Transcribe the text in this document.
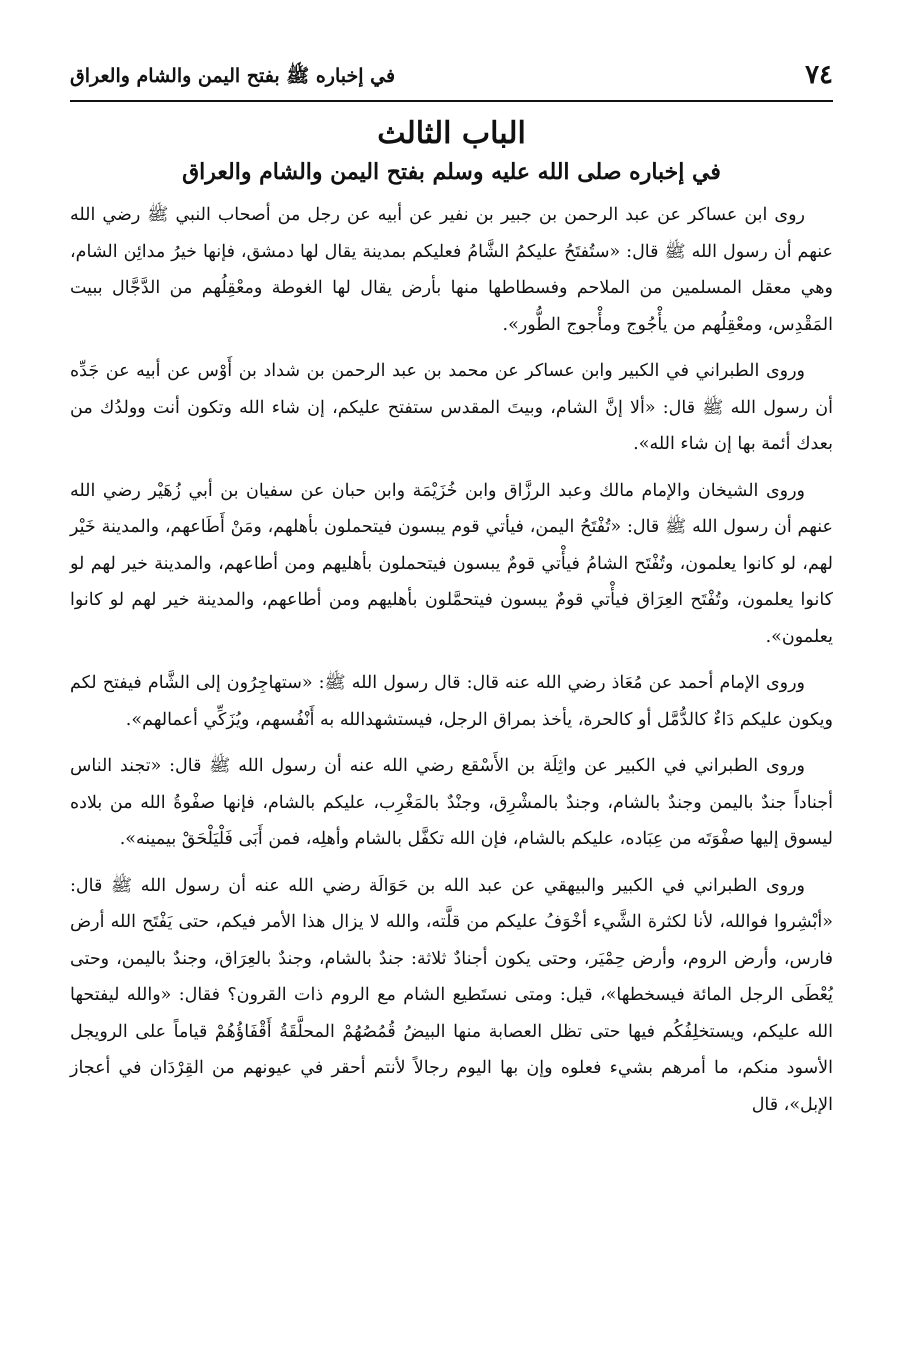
٧٤
في إخباره ﷺ بفتح اليمن والشام والعراق
الباب الثالث
في إخباره صلى الله عليه وسلم بفتح اليمن والشام والعراق

روى ابن عساكر عن عبد الرحمن بن جبير بن نفير عن أبيه عن رجل من أصحاب النبي ﷺ رضي الله عنهم أن رسول الله ﷺ قال: «ستُفتَحُ عليكمُ الشَّامُ فعليكم بمدينة يقال لها دمشق، فإنها خيرُ مدائِن الشام، وهي معقل المسلمين من الملاحم وفسطاطها منها بأرض يقال لها الغوطة ومعْقِلُهم من الدَّجَّال ببيت المَقْدِس، ومعْقِلُهم من يأْجُوج ومأْجوج الطُّور».

وروى الطبراني في الكبير وابن عساكر عن محمد بن عبد الرحمن بن شداد بن أَوْس عن أبيه عن جَدِّه أن رسول الله ﷺ قال: «ألا إنَّ الشام، وبيتَ المقدس ستفتح عليكم، إن شاء الله وتكون أنت وولدُك من بعدك أئمة بها إن شاء الله».

وروى الشيخان والإمام مالك وعبد الرزَّاق وابن خُزَيْمَة وابن حبان عن سفيان بن أبي زُهَيْر رضي الله عنهم أن رسول الله ﷺ قال: «تُفْتَحُ اليمن، فيأتي قوم يبسون فيتحملون بأهلهم، ومَنْ أَطَاعهم، والمدينة خَيْر لهم، لو كانوا يعلمون، وتُفْتَح الشامُ فيأْتي قومٌ يبسون فيتحملون بأهليهم ومن أطاعهم، والمدينة خير لهم لو كانوا يعلمون، وتُفْتَح العِرَاق فيأْتي قومٌ يبسون فيتحمَّلون بأهليهم ومن أطاعهم، والمدينة خير لهم لو كانوا يعلمون».

وروى الإمام أحمد عن مُعَاذ رضي الله عنه قال: قال رسول الله ﷺ: «ستهاجِرُون إلى الشَّام فيفتح لكم ويكون عليكم دَاءٌ كالدُّمَّل أو كالحرة، يأخذ بمراق الرجل، فيستشهدالله به أَنْفُسهم، ويُزَكِّي أعمالهم».

وروى الطبراني في الكبير عن واثِلَة بن الأَسْقع رضي الله عنه أن رسول الله ﷺ قال: «تجند الناس أجناداً جندٌ باليمن وجندٌ بالشام، وجندٌ بالمشْرِق، وجنْدٌ بالمَغْرِب، عليكم بالشام، فإنها صفْوةُ الله من بلاده ليسوق إليها صفْوَتَه من عِبَاده، عليكم بالشام، فإن الله تكفَّل بالشام وأهلِه، فمن أَبَى فَلْيَلْحَقْ بيمينه».

وروى الطبراني في الكبير والبيهقي عن عبد الله بن حَوَالَة رضي الله عنه أن رسول الله ﷺ قال: «أبْشِروا فوالله، لأنا لكثرة الشَّيء أخْوَفُ عليكم من قلَّته، والله لا يزال هذا الأمر فيكم، حتى يَفْتَح الله أرض فارس، وأرض الروم، وأرض حِمْيَر، وحتى يكون أجنادٌ ثلاثة: جندٌ بالشام، وجندٌ بالعِرَاق، وجندٌ باليمن، وحتى يُعْطَى الرجل المائة فيسخطها»، قيل: ومتى نستَطيع الشام مع الروم ذات القرون؟ فقال: «والله ليفتحها الله عليكم، ويستخلِفُكُم فيها حتى تظل العصابة منها البيضُ قُمُصُهُمْ المحلَّقَةُ أَقْفَاؤُهُمْ قياماً على الرويجل الأسود منكم، ما أمرهم بشيء فعلوه وإن بها اليوم رجالاً لأنتم أحقر في عيونهم من القِرْدَان في أعجاز الإبل»، قال
